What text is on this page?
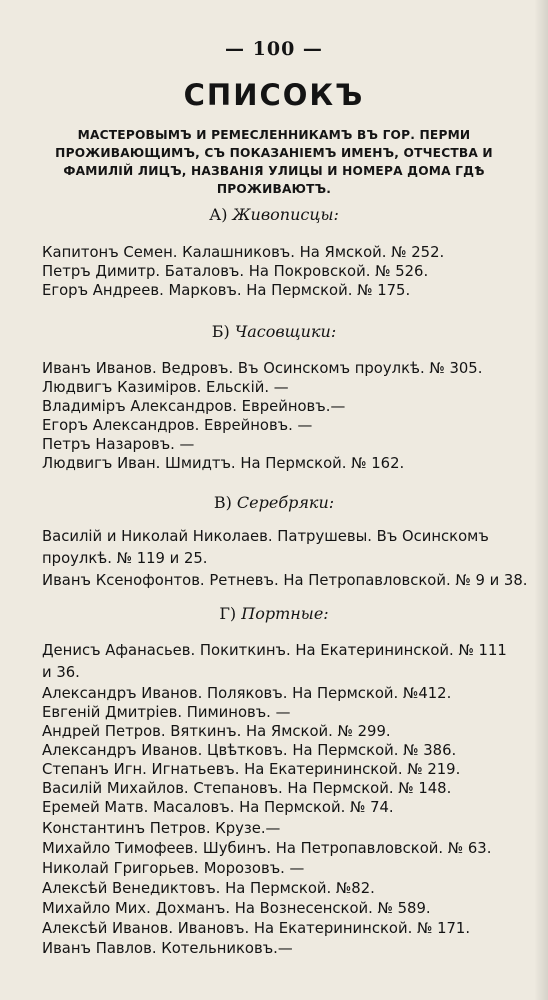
— 100 —
СПИСОКЪ
МАСТЕРОВЫМЪ И РЕМЕСЛЕННИКАМЪ ВЪ ГОР. ПЕРМИ ПРОЖИВАЮЩИМЪ, СЪ ПОКАЗАНІЕМЪ ИМЕНЪ, ОТЧЕСТВА И ФАМИЛІЙ ЛИЦЪ, НАЗВАНІЯ УЛИЦЫ И НОМЕРА ДОМА ГДѢ ПРОЖИВАЮТЪ.
А) Живописцы:
Капитонъ Семен. Калашниковъ. На Ямской. № 252.
Петръ Димитр. Баталовъ. На Покровской. № 526.
Егоръ Андреев. Марковъ. На Пермской. № 175.
Б) Часовщики:
Иванъ Иванов. Ведровъ. Въ Осинскомъ проулкѣ. № 305.
Людвигъ Казиміров. Ельскій. —
Владиміръ Александров. Еврейновъ.—
Егоръ Александров. Еврейновъ. —
Петръ Назаровъ. —
Людвигъ Иван. Шмидтъ. На Пермской. № 162.
В) Серебряки:
Василій и Николай Николаев. Патрушевы. Въ Осинскомъ проулкѣ. № 119 и 25.
Иванъ Ксенофонтов. Ретневъ. На Петропавловской. № 9 и 38.
Г) Портные:
Денисъ Афанасьев. Покиткинъ. На Екатерининской. № 111 и 36.
Александръ Иванов. Поляковъ. На Пермской. №412.
Евгеній Дмитріев. Пиминовъ. —
Андрей Петров. Вяткинъ. На Ямской. № 299.
Александръ Иванов. Цвѣтковъ. На Пермской. № 386.
Степанъ Игн. Игнатьевъ. На Екатерининской. № 219.
Василій Михайлов. Степановъ. На Пермской. № 148.
Еремей Матв. Масаловъ. На Пермской. № 74.
Константинъ Петров. Крузе.—
Михайло Тимофеев. Шубинъ. На Петропавловской. № 63.
Николай Григорьев. Морозовъ. —
Алексѣй Венедиктовъ. На Пермской. №82.
Михайло Мих. Дохманъ. На Вознесенской. № 589.
Алексѣй Иванов. Ивановъ. На Екатерининской. № 171.
Иванъ Павлов. Котельниковъ.—
